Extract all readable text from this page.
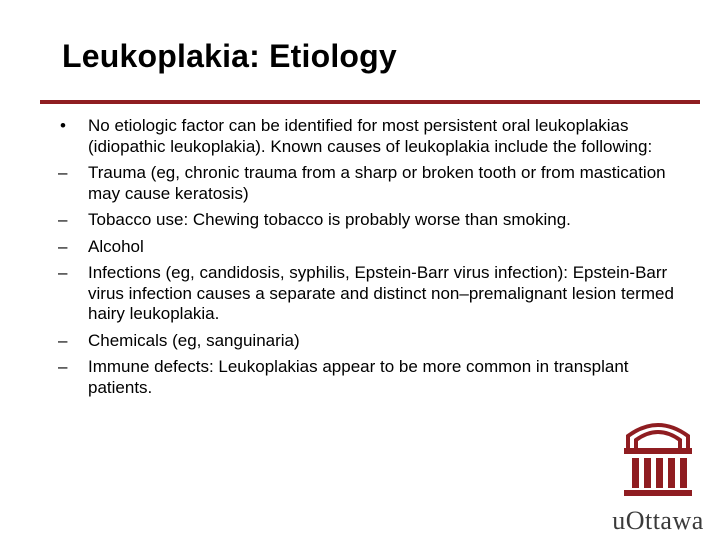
Leukoplakia: Etiology
•	No etiologic factor can be identified for most persistent oral leukoplakias (idiopathic leukoplakia). Known causes of leukoplakia include the following:
–	Trauma (eg, chronic trauma from a sharp or broken tooth or from mastication may cause keratosis)
–	Tobacco use: Chewing tobacco is probably worse than smoking.
–	Alcohol
–	Infections (eg, candidosis, syphilis, Epstein-Barr virus infection): Epstein-Barr virus infection causes a separate and distinct non–premalignant lesion termed hairy leukoplakia.
–	Chemicals (eg, sanguinaria)
–	Immune defects: Leukoplakias appear to be more common in transplant patients.
uOttawa
